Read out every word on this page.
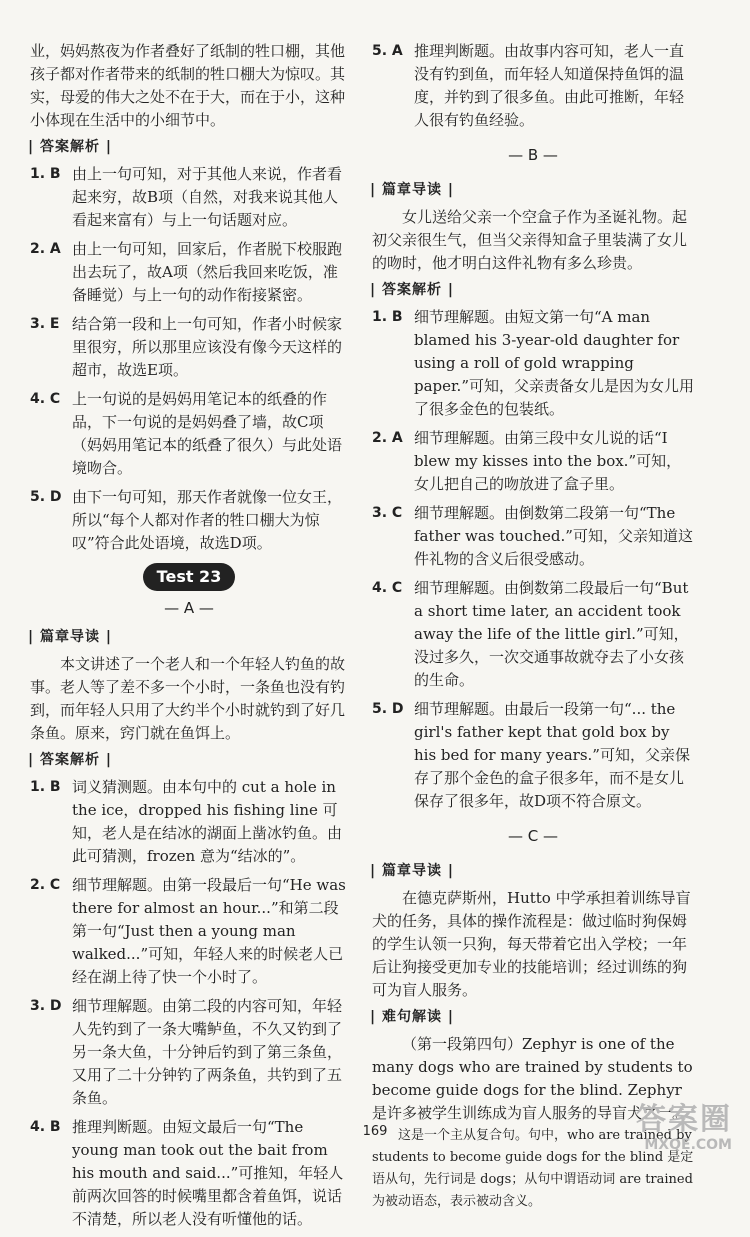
业，妈妈熬夜为作者叠好了纸制的牲口棚，其他孩子都对作者带来的纸制的牲口棚大为惊叹。其实，母爱的伟大之处不在于大，而在于小，这种小体现在生活中的小细节中。

| 答案解析 |
1. B 由上一句可知，对于其他人来说，作者看起来穷，故B项（自然，对我来说其他人看起来富有）与上一句话题对应。
2. A 由上一句可知，回家后，作者脱下校服跑出去玩了，故A项（然后我回来吃饭，准备睡觉）与上一句的动作衔接紧密。
3. E 结合第一段和上一句可知，作者小时候家里很穷，所以那里应该没有像今天这样的超市，故选E项。
4. C 上一句说的是妈妈用笔记本的纸叠的作品，下一句说的是妈妈叠了墙，故C项（妈妈用笔记本的纸叠了很久）与此处语境吻合。
5. D 由下一句可知，那天作者就像一位女王，所以“每个人都对作者的牲口棚大为惊叹”符合此处语境，故选D项。
Test 23
— A —
| 篇章导读 |

本文讲述了一个老人和一个年轻人钓鱼的故事。老人等了差不多一个小时，一条鱼也没有钓到，而年轻人只用了大约半个小时就钓到了好几条鱼。原来，窍门就在鱼饵上。

| 答案解析 |
1. B 词义猜测题。由本句中的 cut a hole in the ice，dropped his fishing line 可知，老人是在结冰的湖面上凿冰钓鱼。由此可猜测，frozen 意为“结冰的”。
2. C 细节理解题。由第一段最后一句“He was there for almost an hour...”和第二段第一句“Just then a young man walked...”可知，年轻人来的时候老人已经在湖上待了快一个小时了。
3. D 细节理解题。由第二段的内容可知，年轻人先钓到了一条大嘴鲈鱼，不久又钓到了另一条大鱼，十分钟后钓到了第三条鱼，又用了二十分钟钓了两条鱼，共钓到了五条鱼。
4. B 推理判断题。由短文最后一句“The young man took out the bait from his mouth and said...”可推知，年轻人前两次回答的时候嘴里都含着鱼饵，说话不清楚，所以老人没有听懂他的话。
5. A 推理判断题。由故事内容可知，老人一直没有钓到鱼，而年轻人知道保持鱼饵的温度，并钓到了很多鱼。由此可推断，年轻人很有钓鱼经验。
— B —
| 篇章导读 |

女儿送给父亲一个空盒子作为圣诞礼物。起初父亲很生气，但当父亲得知盒子里装满了女儿的吻时，他才明白这件礼物有多么珍贵。

| 答案解析 |
1. B 细节理解题。由短文第一句“A man blamed his 3-year-old daughter for using a roll of gold wrapping paper.”可知，父亲责备女儿是因为女儿用了很多金色的包装纸。
2. A 细节理解题。由第三段中女儿说的话“I blew my kisses into the box.”可知，女儿把自己的吻放进了盒子里。
3. C 细节理解题。由倒数第二段第一句“The father was touched.”可知，父亲知道这件礼物的含义后很受感动。
4. C 细节理解题。由倒数第二段最后一句“But a short time later, an accident took away the life of the little girl.”可知，没过多久，一次交通事故就夺去了小女孩的生命。
5. D 细节理解题。由最后一段第一句“... the girl's father kept that gold box by his bed for many years.”可知，父亲保存了那个金色的盒子很多年，而不是女儿保存了很多年，故D项不符合原文。
— C —
| 篇章导读 |

在德克萨斯州，Hutto 中学承担着训练导盲犬的任务，具体的操作流程是：做过临时狗保姆的学生认领一只狗，每天带着它出入学校；一年后让狗接受更加专业的技能培训；经过训练的狗可为盲人服务。

| 难句解读 |

（第一段第四句）Zephyr is one of the many dogs who are trained by students to become guide dogs for the blind. Zephyr 是许多被学生训练成为盲人服务的导盲犬之一。

这是一个主从复合句。句中，who are trained by students to become guide dogs for the blind 是定语从句，先行词是 dogs；从句中谓语动词 are trained 为被动语态，表示被动含义。

169	答案圈
MXQE.COM
